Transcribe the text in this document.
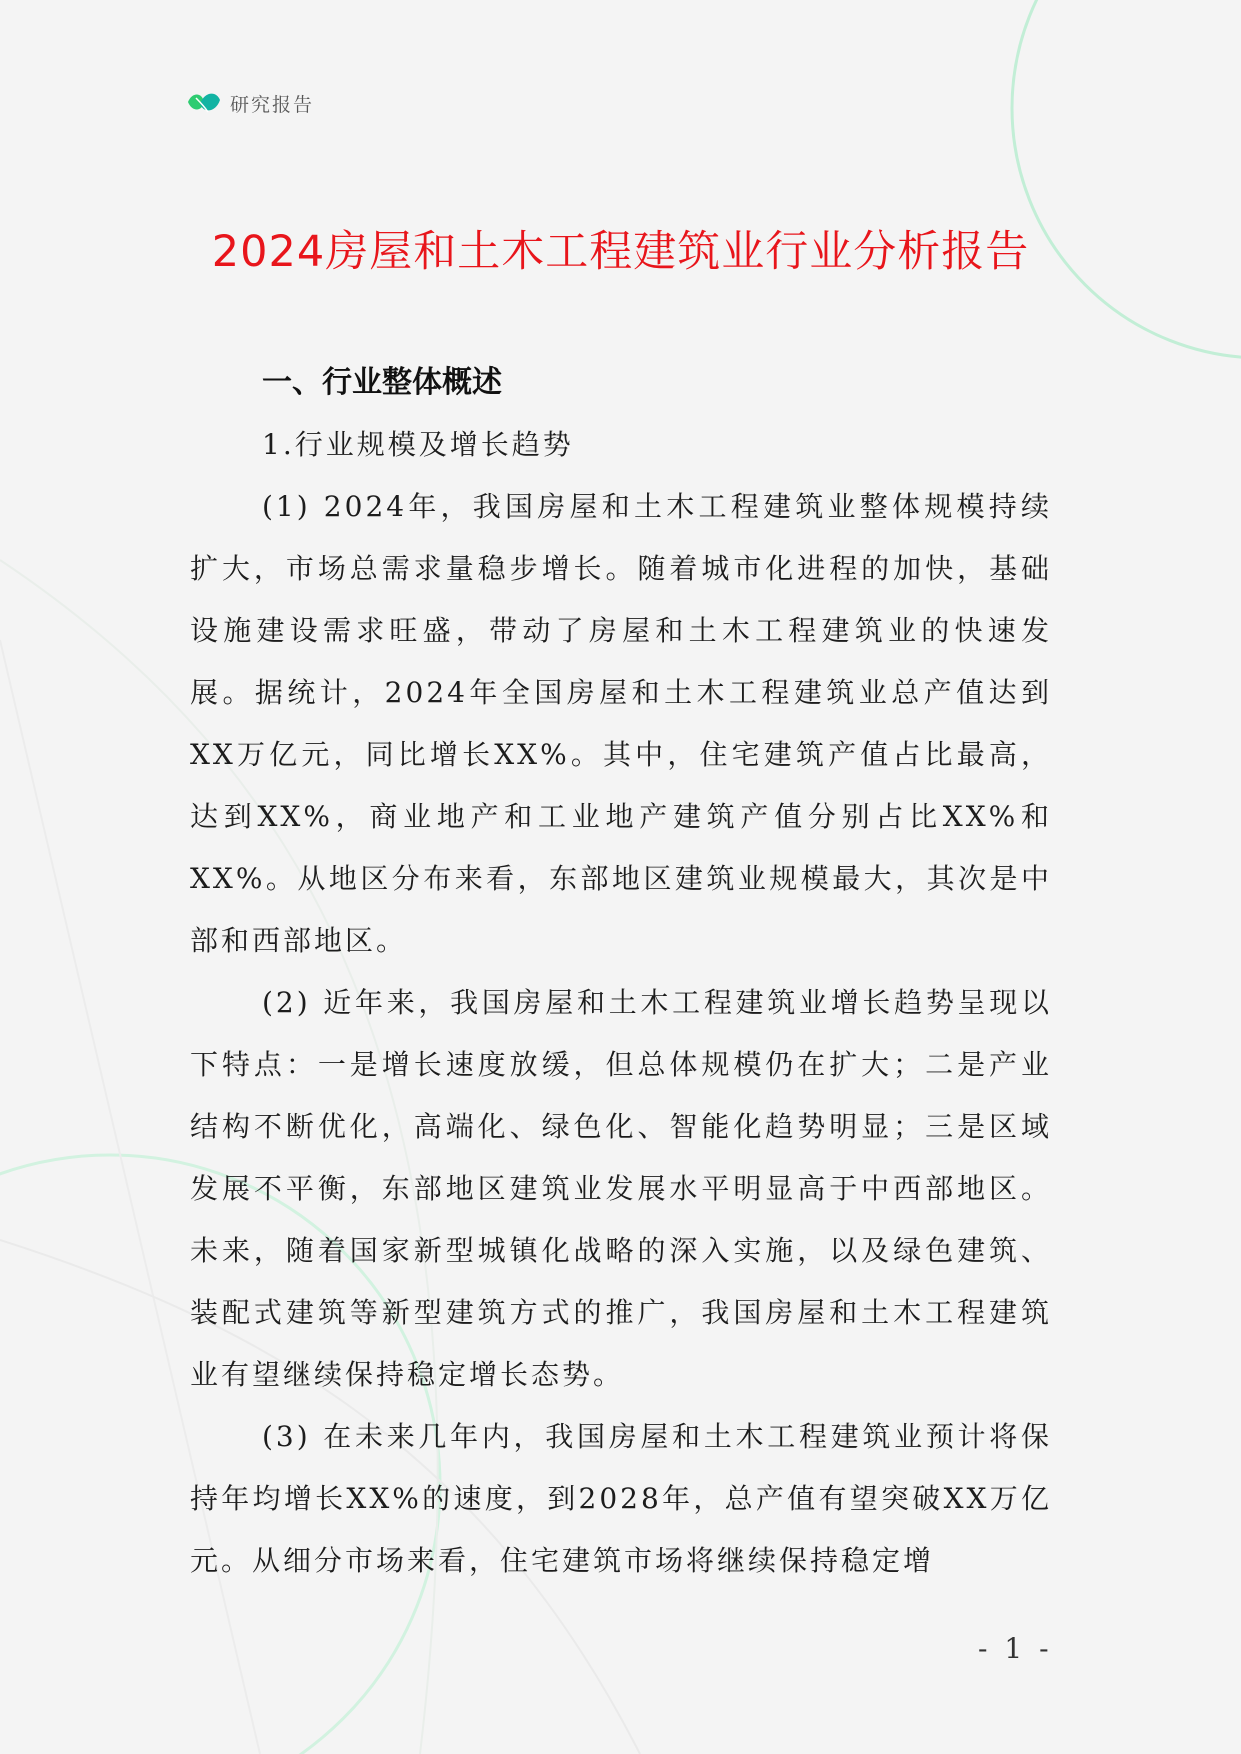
研究报告
2024房屋和土木工程建筑业行业分析报告
一、行业整体概述
1.行业规模及增长趋势

(1) 2024年，我国房屋和土木工程建筑业整体规模持续扩大，市场总需求量稳步增长。随着城市化进程的加快，基础设施建设需求旺盛，带动了房屋和土木工程建筑业的快速发展。据统计，2024年全国房屋和土木工程建筑业总产值达到XX万亿元，同比增长XX%。其中，住宅建筑产值占比最高，达到XX%，商业地产和工业地产建筑产值分别占比XX%和XX%。从地区分布来看，东部地区建筑业规模最大，其次是中部和西部地区。

(2) 近年来，我国房屋和土木工程建筑业增长趋势呈现以下特点：一是增长速度放缓，但总体规模仍在扩大；二是产业结构不断优化，高端化、绿色化、智能化趋势明显；三是区域发展不平衡，东部地区建筑业发展水平明显高于中西部地区。未来，随着国家新型城镇化战略的深入实施，以及绿色建筑、装配式建筑等新型建筑方式的推广，我国房屋和土木工程建筑业有望继续保持稳定增长态势。

(3) 在未来几年内，我国房屋和土木工程建筑业预计将保持年均增长XX%的速度，到2028年，总产值有望突破XX万亿元。从细分市场来看，住宅建筑市场将继续保持稳定增

- 1 -
